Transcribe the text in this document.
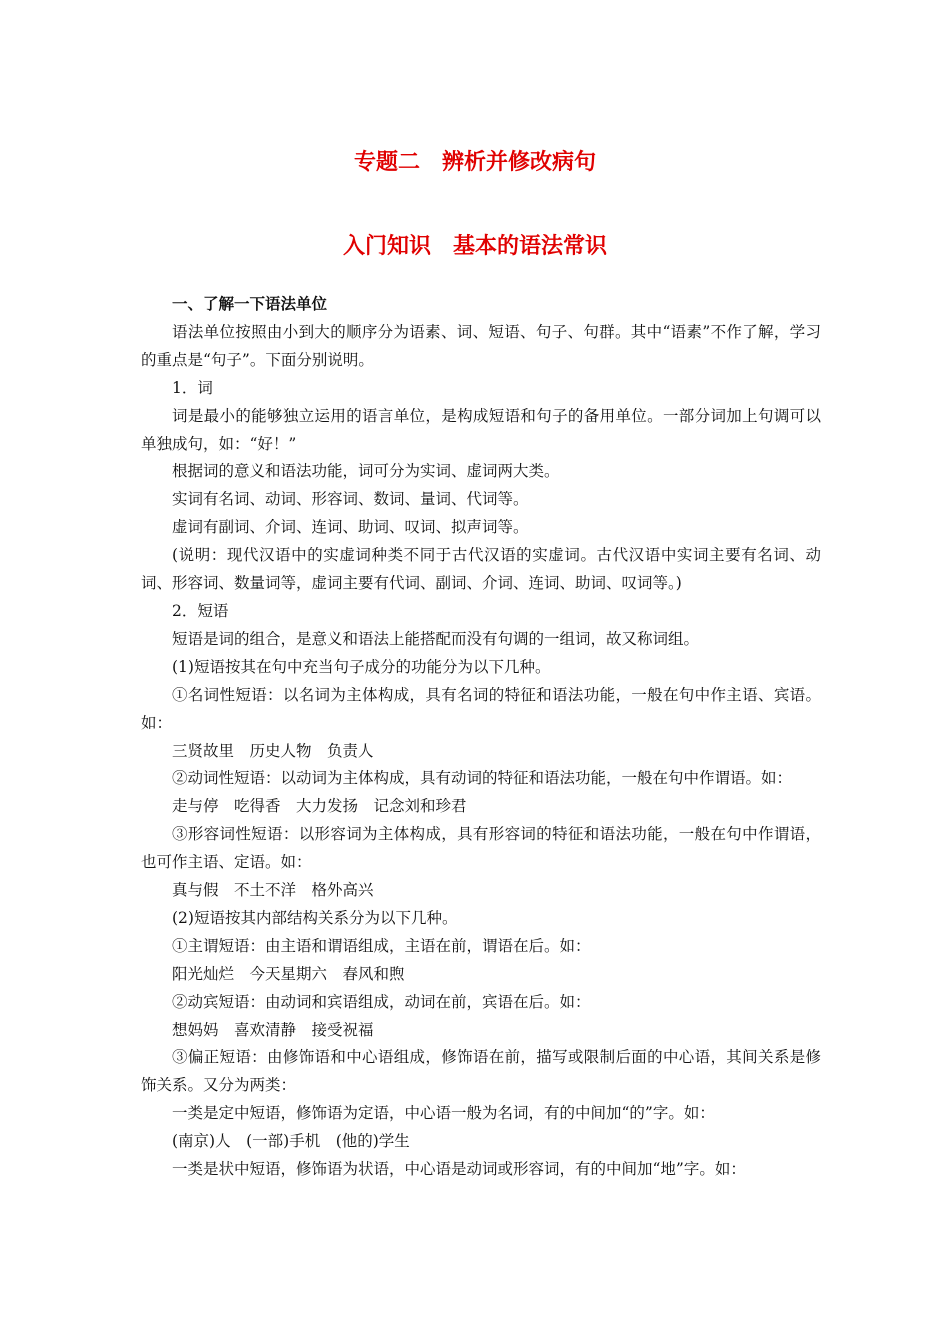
专题二　辨析并修改病句
入门知识　基本的语法常识

一、了解一下语法单位

语法单位按照由小到大的顺序分为语素、词、短语、句子、句群。其中“语素”不作了解，学习的重点是“句子”。下面分别说明。

1．词

词是最小的能够独立运用的语言单位，是构成短语和句子的备用单位。一部分词加上句调可以单独成句，如：“好！”

根据词的意义和语法功能，词可分为实词、虚词两大类。

实词有名词、动词、形容词、数词、量词、代词等。

虚词有副词、介词、连词、助词、叹词、拟声词等。

(说明：现代汉语中的实虚词种类不同于古代汉语的实虚词。古代汉语中实词主要有名词、动词、形容词、数量词等，虚词主要有代词、副词、介词、连词、助词、叹词等。)

2．短语

短语是词的组合，是意义和语法上能搭配而没有句调的一组词，故又称词组。

(1)短语按其在句中充当句子成分的功能分为以下几种。

①名词性短语：以名词为主体构成，具有名词的特征和语法功能，一般在句中作主语、宾语。如：

三贤故里　历史人物　负责人

②动词性短语：以动词为主体构成，具有动词的特征和语法功能，一般在句中作谓语。如：

走与停　吃得香　大力发扬　记念刘和珍君

③形容词性短语：以形容词为主体构成，具有形容词的特征和语法功能，一般在句中作谓语，也可作主语、定语。如：

真与假　不土不洋　格外高兴

(2)短语按其内部结构关系分为以下几种。

①主谓短语：由主语和谓语组成，主语在前，谓语在后。如：

阳光灿烂　今天星期六　春风和煦

②动宾短语：由动词和宾语组成，动词在前，宾语在后。如：

想妈妈　喜欢清静　接受祝福

③偏正短语：由修饰语和中心语组成，修饰语在前，描写或限制后面的中心语，其间关系是修饰关系。又分为两类：

一类是定中短语，修饰语为定语，中心语一般为名词，有的中间加“的”字。如：

(南京)人　(一部)手机　(他的)学生

一类是状中短语，修饰语为状语，中心语是动词或形容词，有的中间加“地”字。如：
